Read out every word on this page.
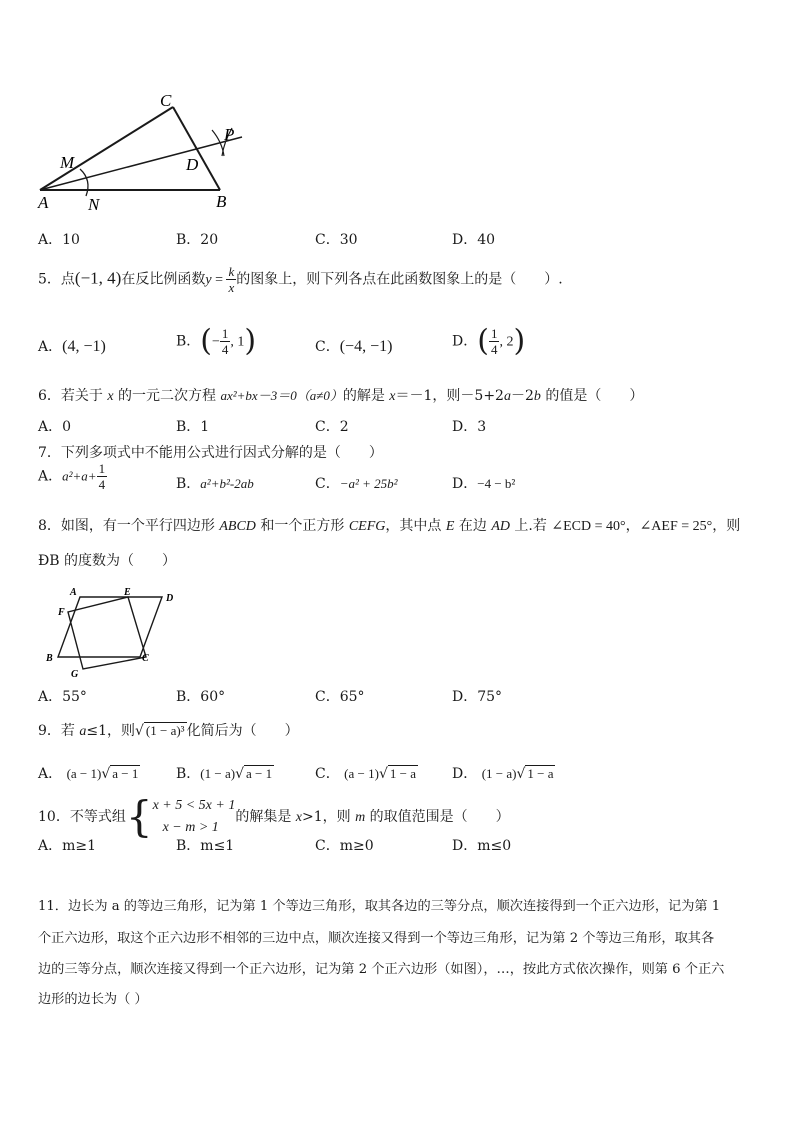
C
P
M	D
A N	B
A．10	B．20	C．30	D．40
5．点(−1, 4)在反比例函数$y = \frac{k}{x}$ 的图象上，则下列各点在此函数图象上的是（　　）.
A．(4, −1)	B．(− $\frac{1}{4}$ , 1)	C．(−4, −1)	D．( $\frac{1}{4}$ , 2)
6．若关于 x 的一元二次方程 ax²+bx－3＝0（a≠0）的解是 x＝－1，则－5+2a－2b 的值是（　　）
A．0	B．1	C．2	D．3
7．下列多项式中不能用公式进行因式分解的是（　　）
A．$a^2+a+ \frac{1}{4}$	B．a²+b²-2ab	C．−a² + 25b²	D．−4 − b²
8．如图，有一个平行四边形 ABCD 和一个正方形 CEFG，其中点 E 在边 AD 上.若 ∠ECD = 40°，∠AEF = 25°，则
ÐB 的度数为（　　）
A	E
D
F
B
G
C
A．55°	B．60°	C．65°	D．75°
9．若 a≤1，则√ (1 − a)³ 化简后为（　　）
A． (a − 1)√ a − 1	B．(1 − a)√ a − 1	C． (a − 1)√ 1 − a	D． (1 − a)√ 1 − a
10．不等式组{ x + 5 < 5x + 1
x − m > 1
的解集是 x>1，则 m 的取值范围是（　　）
A．m≥1	B．m≤1	C．m≥0	D．m≤0
11．边长为 a 的等边三角形，记为第 1 个等边三角形，取其各边的三等分点，顺次连接得到一个正六边形，记为第 1
个正六边形，取这个正六边形不相邻的三边中点，顺次连接又得到一个等边三角形，记为第 2 个等边三角形，取其各
边的三等分点，顺次连接又得到一个正六边形，记为第 2 个正六边形（如图），…，按此方式依次操作，则第 6 个正六
边形的边长为（ ）
